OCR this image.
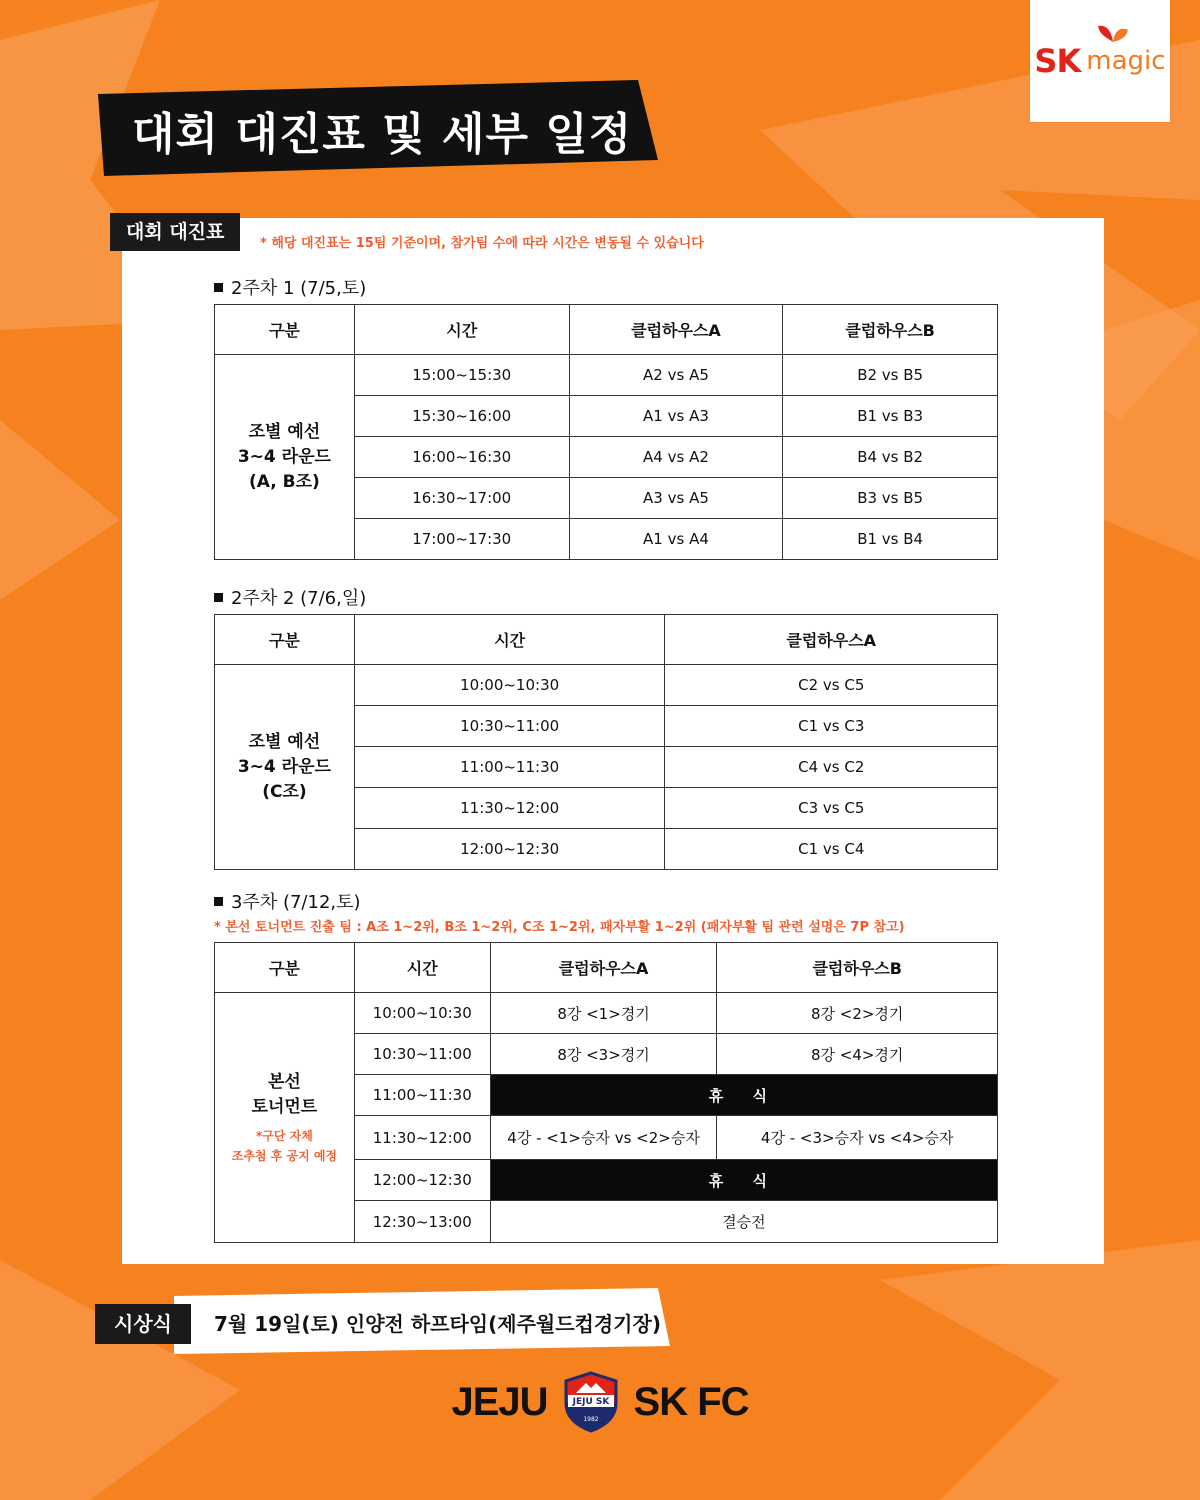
SK magic
대회 대진표 및 세부 일정
대회 대진표
* 해당 대진표는 15팀 기준이며, 참가팀 수에 따라 시간은 변동될 수 있습니다
2주차 1 (7/5,토)
구분	시간	클럽하우스A	클럽하우스B

조별 예선
3~4 라운드
(A, B조)	15:00~15:30	A2 vs A5	B2 vs B5
	15:30~16:00	A1 vs A3	B1 vs B3
	16:00~16:30	A4 vs A2	B4 vs B2
	16:30~17:00	A3 vs A5	B3 vs B5
	17:00~17:30	A1 vs A4	B1 vs B4
2주차 2 (7/6,일)
구분	시간	클럽하우스A

조별 예선
3~4 라운드
(C조)	10:00~10:30	C2 vs C5
	10:30~11:00	C1 vs C3
	11:00~11:30	C4 vs C2
	11:30~12:00	C3 vs C5
	12:00~12:30	C1 vs C4
3주차 (7/12,토)
* 본선 토너먼트 진출 팀 : A조 1~2위, B조 1~2위, C조 1~2위, 패자부활 1~2위 (패자부활 팀 관련 설명은 7P 참고)
구분	시간	클럽하우스A	클럽하우스B

본선
토너먼트
*구단 자체
조추첨 후 공지 예정	10:00~10:30	8강 <1>경기	8강 <2>경기
	10:30~11:00	8강 <3>경기	8강 <4>경기
	11:00~11:30	휴 식	
	11:30~12:00	4강 - <1>승자 vs <2>승자	4강 - <3>승자 vs <4>승자
	12:00~12:30	휴 식	
	12:30~13:00	결승전	
시상식	7월 19일(토) 인양전 하프타임(제주월드컵경기장)
JEJU	JEJU SK
1982 SK FC
